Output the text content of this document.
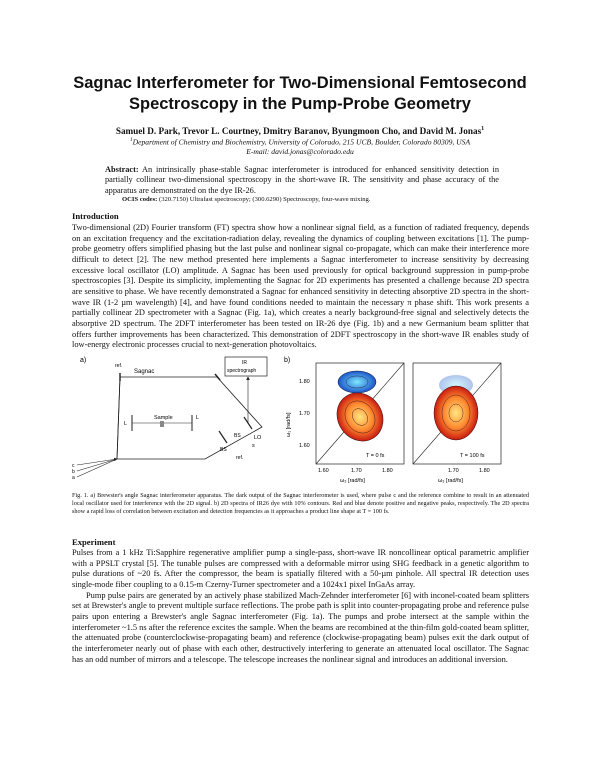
Sagnac Interferometer for Two-Dimensional Femtosecond Spectroscopy in the Pump-Probe Geometry
Samuel D. Park, Trevor L. Courtney, Dmitry Baranov, Byungmoon Cho, and David M. Jonas$^1$
$^1$Department of Chemistry and Biochemistry, University of Colorado, 215 UCB, Boulder, Colorado 80309, USA
E-mail: david.jonas@colorado.edu
Abstract: An intrinsically phase-stable Sagnac interferometer is introduced for enhanced sensitivity detection in partially collinear two-dimensional spectroscopy in the short-wave IR. The sensitivity and phase accuracy of the apparatus are demonstrated on the dye IR-26.
OCIS codes: (320.7150) Ultrafast spectroscopy; (300.6290) Spectroscopy, four-wave mixing.
Introduction

Two-dimensional (2D) Fourier transform (FT) spectra show how a nonlinear signal field, as a function of radiated frequency, depends on an excitation frequency and the excitation-radiation delay, revealing the dynamics of coupling between excitations [1]. The pump-probe geometry offers simplified phasing but the last pulse and nonlinear signal co-propagate, which can make their interference more difficult to detect [2]. The new method presented here implements a Sagnac interferometer to increase sensitivity by decreasing excessive local oscillator (LO) amplitude. A Sagnac has been used previously for optical background suppression in pump-probe spectroscopies [3]. Despite its simplicity, implementing the Sagnac for 2D experiments has presented a challenge because 2D spectra are sensitive to phase. We have recently demonstrated a Sagnac for enhanced sensitivity in detecting absorptive 2D spectra in the short-wave IR (1-2 µm wavelength) [4], and have found conditions needed to maintain the necessary π phase shift. This work presents a partially collinear 2D spectrometer with a Sagnac (Fig. 1a), which creates a nearly background-free signal and selectively detects the absorptive 2D spectrum. The 2DFT interferometer has been tested on IR-26 dye (Fig. 1b) and a new Germanium beam splitter that offers further improvements has been characterized. This demonstration of 2DFT spectroscopy in the short-wave IR enables study of low-energy electronic processes crucial to next-generation photovoltaics.

a)
Sagnac
ref.	IR
spectrograph
L
L
Sample
BS
BS
LO
s
ref.
c
b
a
b)
ω₁ [rad/fs]
1.80
1.70
1.60
T = 0 fs
1.60	1.70	1.80
ω₃ [rad/fs]
T = 100 fs
1.70	1.80
ω₃ [rad/fs]
Fig. 1. a) Brewster's angle Sagnac interferometer apparatus. The dark output of the Sagnac interferometer is used, where pulse c and the reference combine to result in an attenuated local oscillator used for interference with the 2D signal. b) 2D spectra of IR26 dye with 10% contours. Red and blue denote positive and negative peaks, respectively. The 2D spectra show a rapid loss of correlation between excitation and detection frequencies as it approaches a product line shape at T = 100 fs.
Experiment

Pulses from a 1 kHz Ti:Sapphire regenerative amplifier pump a single-pass, short-wave IR noncollinear optical parametric amplifier with a PPSLT crystal [5]. The tunable pulses are compressed with a deformable mirror using SHG feedback in a genetic algorithm to pulse durations of ~20 fs. After the compressor, the beam is spatially filtered with a 50-µm pinhole. All spectral IR detection uses single-mode fiber coupling to a 0.15-m Czerny-Turner spectrometer and a 1024x1 pixel InGaAs array.

Pump pulse pairs are generated by an actively phase stabilized Mach-Zehnder interferometer [6] with inconel-coated beam splitters set at Brewster's angle to prevent multiple surface reflections. The probe path is split into counter-propagating probe and reference pulse pairs upon entering a Brewster's angle Sagnac interferometer (Fig. 1a). The pumps and probe intersect at the sample within the interferometer ~1.5 ns after the reference excites the sample. When the beams are recombined at the thin-film gold-coated beam splitter, the attenuated probe (counterclockwise-propagating beam) and reference (clockwise-propagating beam) pulses exit the dark output of the interferometer nearly out of phase with each other, destructively interfering to generate an attenuated local oscillator. The Sagnac has an odd number of mirrors and a telescope. The telescope increases the nonlinear signal and introduces an additional inversion.
